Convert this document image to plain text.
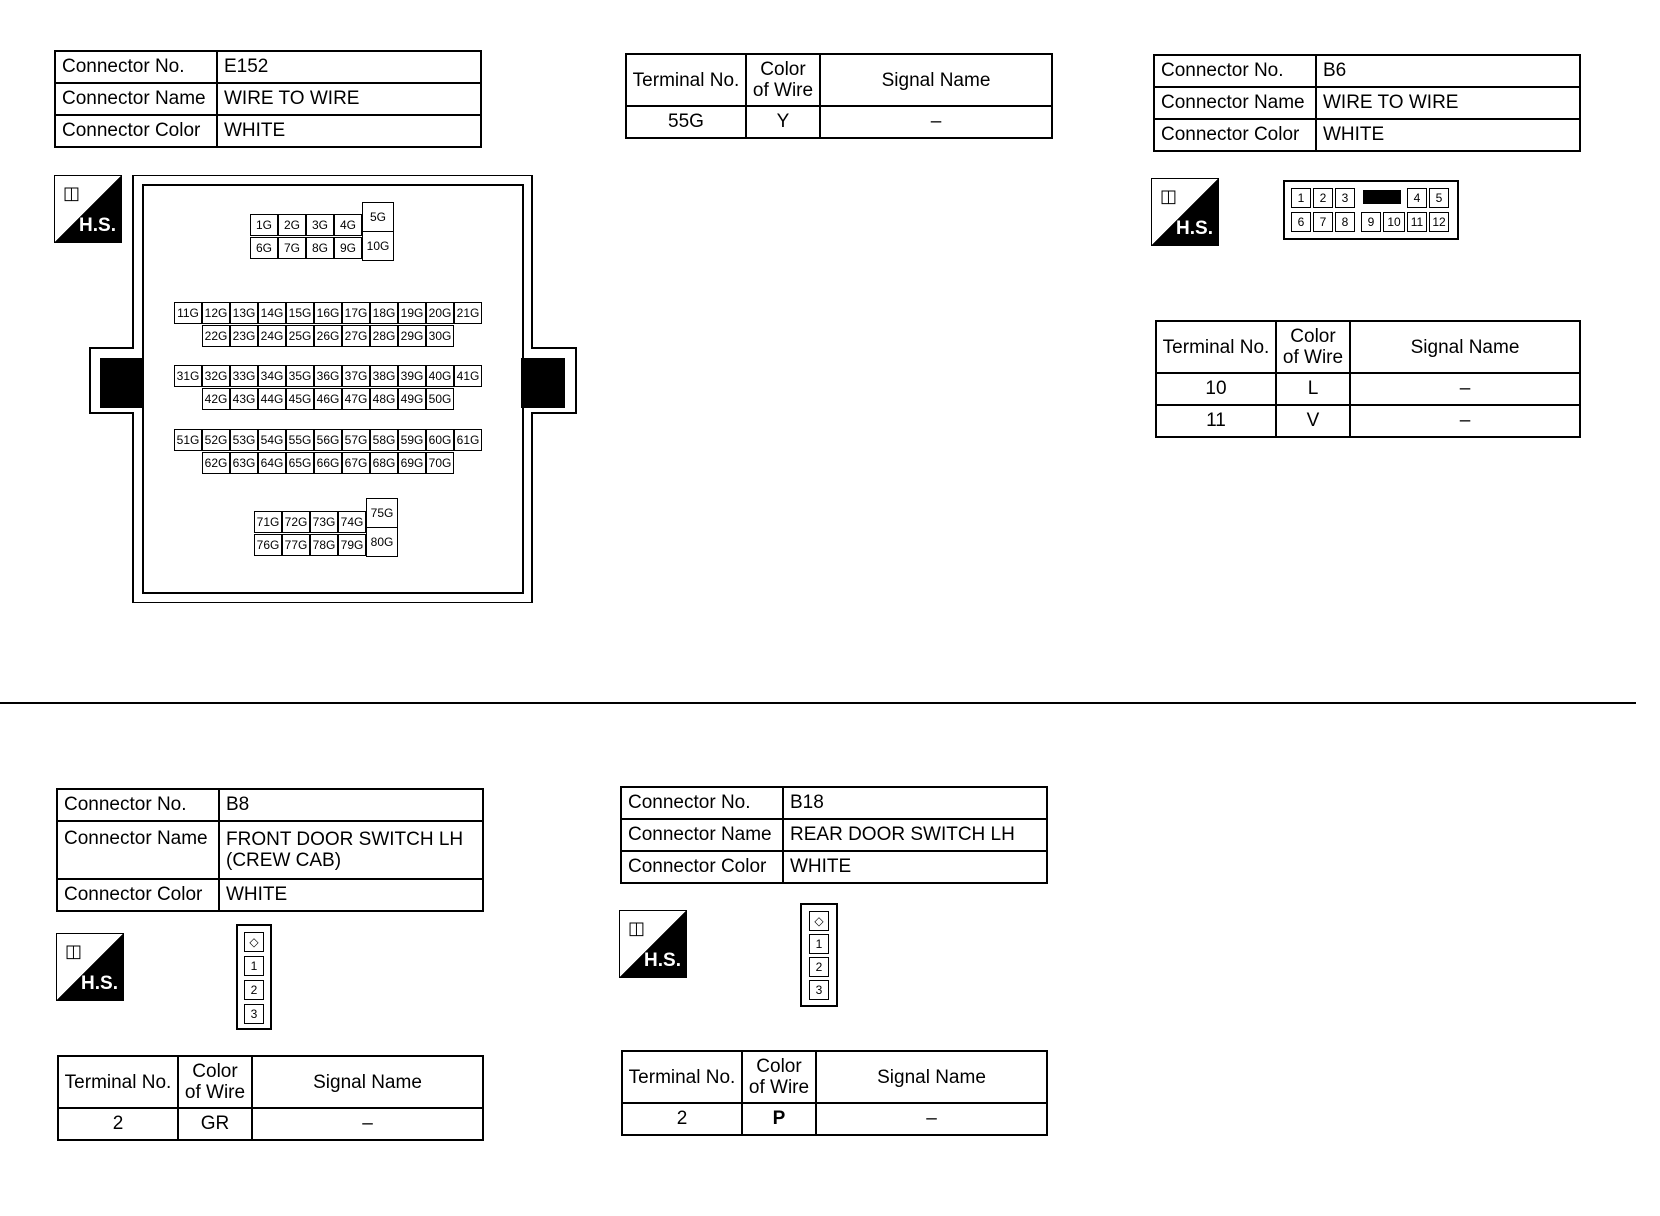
Connector No.	E152
Connector Name	WIRE TO WIRE
Connector Color	WHITE
◫
H.S.	1G 2G 3G 4G
6G 7G 8G 9G
11G 12G 13G 14G 15G 16G 17G 18G 19G 20G 21G
22G 23G 24G 25G 26G 27G 28G 29G 30G
31G 32G 33G 34G 35G 36G 37G 38G 39G 40G 41G
42G 43G 44G 45G 46G 47G 48G 49G 50G
51G 52G 53G 54G 55G 56G 57G 58G 59G 60G 61G
62G 63G 64G 65G 66G 67G 68G 69G 70G
71G 72G 73G 74G
76G 77G 78G 79G
5G
10G
75G
80G
Terminal No.	Color of Wire	Signal Name
55G	Y	–
Connector No.	B6
Connector Name	WIRE TO WIRE
Connector Color	WHITE
◫
H.S.
1	2	3	4	5
6	7	8	9	10 11 12
Terminal No.	Color of Wire	Signal Name
10	L	–
11	V	–
Connector No.	B8
Connector Name	FRONT DOOR SWITCH LH (CREW CAB)
Connector Color	WHITE
◫
H.S.
◇
1
2
3
Terminal No.	Color of Wire	Signal Name
2	GR	–
Connector No.	B18
Connector Name	REAR DOOR SWITCH LH
Connector Color	WHITE
◫
H.S.
◇
1
2
3
Terminal No.	Color of Wire	Signal Name
2	P	–
